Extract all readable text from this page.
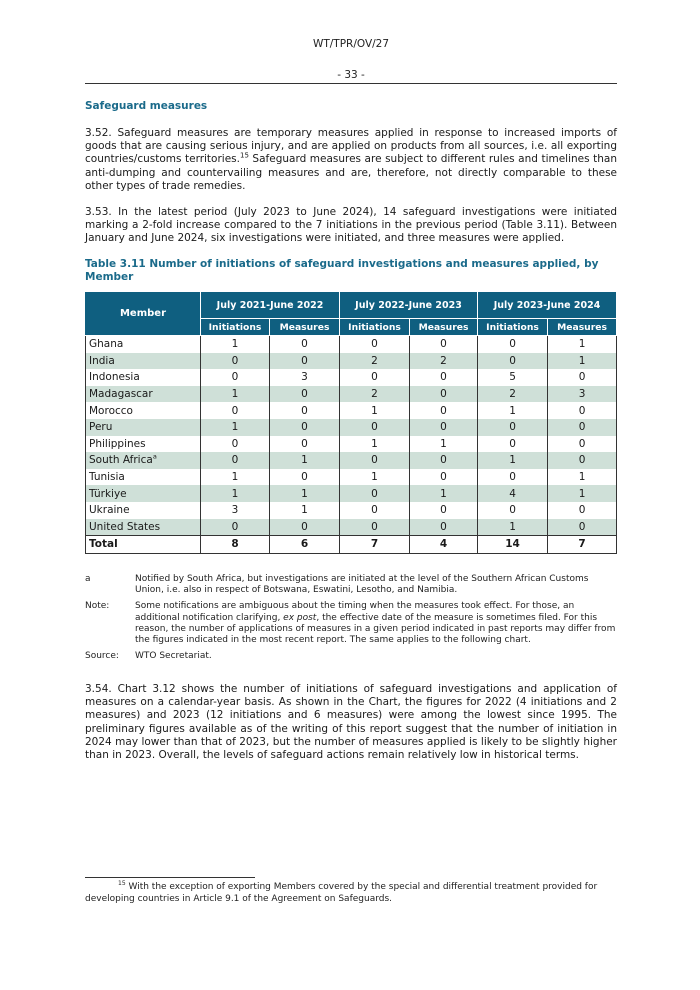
WT/TPR/OV/27
- 33 -
Safeguard measures
3.52. Safeguard measures are temporary measures applied in response to increased imports of goods that are causing serious injury, and are applied on products from all sources, i.e. all exporting countries/customs territories.$^{15}$ Safeguard measures are subject to different rules and timelines than anti-dumping and countervailing measures and are, therefore, not directly comparable to these other types of trade remedies.
3.53. In the latest period (July 2023 to June 2024), 14 safeguard investigations were initiated marking a 2-fold increase compared to the 7 initiations in the previous period (Table 3.11). Between January and June 2024, six investigations were initiated, and three measures were applied.
Table 3.11 Number of initiations of safeguard investigations and measures applied, by Member
Member	July 2021-June 2022		July 2022-June 2023		July 2023-June 2024	
	Initiations	Measures	Initiations	Measures	Initiations	Measures
Ghana	1	0	0	0	0	1
India	0	0	2	2	0	1
Indonesia	0	3	0	0	5	0
Madagascar	1	0	2	0	2	3
Morocco	0	0	1	0	1	0
Peru	1	0	0	0	0	0
Philippines	0	0	1	1	0	0
South Africa$^a$	0	1	0	0	1	0
Tunisia	1	0	1	0	0	1
Türkiye	1	1	0	1	4	1
Ukraine	3	1	0	0	0	0
United States	0	0	0	0	1	0
Total	8	6	7	4	14	7
a	Notified by South Africa, but investigations are initiated at the level of the Southern African Customs Union, i.e. also in respect of Botswana, Eswatini, Lesotho, and Namibia.
Note:	Some notifications are ambiguous about the timing when the measures took effect. For those, an additional notification clarifying, ex post, the effective date of the measure is sometimes filed. For this reason, the number of applications of measures in a given period indicated in past reports may differ from the figures indicated in the most recent report. The same applies to the following chart.
Source:	WTO Secretariat.
3.54. Chart 3.12 shows the number of initiations of safeguard investigations and application of measures on a calendar-year basis. As shown in the Chart, the figures for 2022 (4 initiations and 2 measures) and 2023 (12 initiations and 6 measures) were among the lowest since 1995. The preliminary figures available as of the writing of this report suggest that the number of initiation in 2024 may lower than that of 2023, but the number of measures applied is likely to be slightly higher than in 2023. Overall, the levels of safeguard actions remain relatively low in historical terms.
$^{15}$ With the exception of exporting Members covered by the special and differential treatment provided for developing countries in Article 9.1 of the Agreement on Safeguards.
